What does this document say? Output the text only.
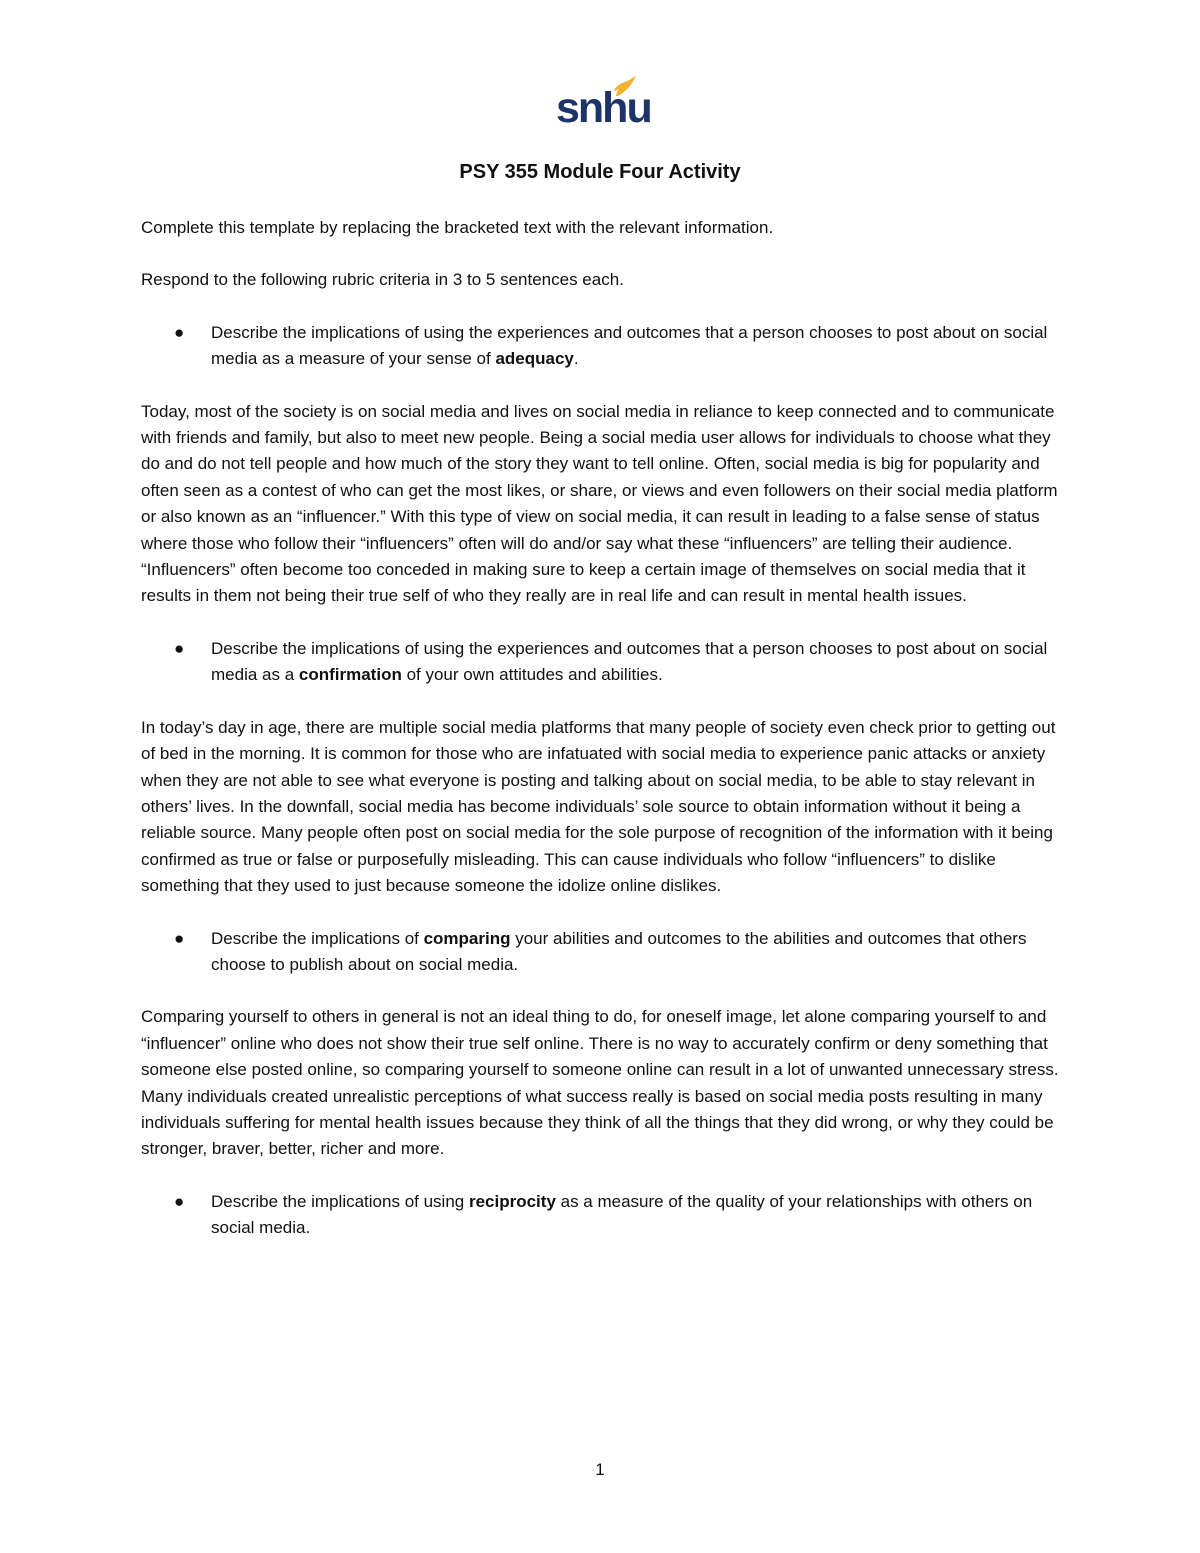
snhu
PSY 355 Module Four Activity

Complete this template by replacing the bracketed text with the relevant information.

Respond to the following rubric criteria in 3 to 5 sentences each.

● Describe the implications of using the experiences and outcomes that a person chooses to post about on social media as a measure of your sense of adequacy.

Today, most of the society is on social media and lives on social media in reliance to keep connected and to communicate with friends and family, but also to meet new people. Being a social media user allows for individuals to choose what they do and do not tell people and how much of the story they want to tell online. Often, social media is big for popularity and often seen as a contest of who can get the most likes, or share, or views and even followers on their social media platform or also known as an “influencer.” With this type of view on social media, it can result in leading to a false sense of status where those who follow their “influencers” often will do and/or say what these “influencers” are telling their audience. “Influencers” often become too conceded in making sure to keep a certain image of themselves on social media that it results in them not being their true self of who they really are in real life and can result in mental health issues.

● Describe the implications of using the experiences and outcomes that a person chooses to post about on social media as a confirmation of your own attitudes and abilities.

In today’s day in age, there are multiple social media platforms that many people of society even check prior to getting out of bed in the morning. It is common for those who are infatuated with social media to experience panic attacks or anxiety when they are not able to see what everyone is posting and talking about on social media, to be able to stay relevant in others’ lives. In the downfall, social media has become individuals’ sole source to obtain information without it being a reliable source. Many people often post on social media for the sole purpose of recognition of the information with it being confirmed as true or false or purposefully misleading. This can cause individuals who follow “influencers” to dislike something that they used to just because someone the idolize online dislikes.

● Describe the implications of comparing your abilities and outcomes to the abilities and outcomes that others choose to publish about on social media.

Comparing yourself to others in general is not an ideal thing to do, for oneself image, let alone comparing yourself to and “influencer” online who does not show their true self online. There is no way to accurately confirm or deny something that someone else posted online, so comparing yourself to someone online can result in a lot of unwanted unnecessary stress. Many individuals created unrealistic perceptions of what success really is based on social media posts resulting in many individuals suffering for mental health issues because they think of all the things that they did wrong, or why they could be stronger, braver, better, richer and more.

● Describe the implications of using reciprocity as a measure of the quality of your relationships with others on social media.
1
